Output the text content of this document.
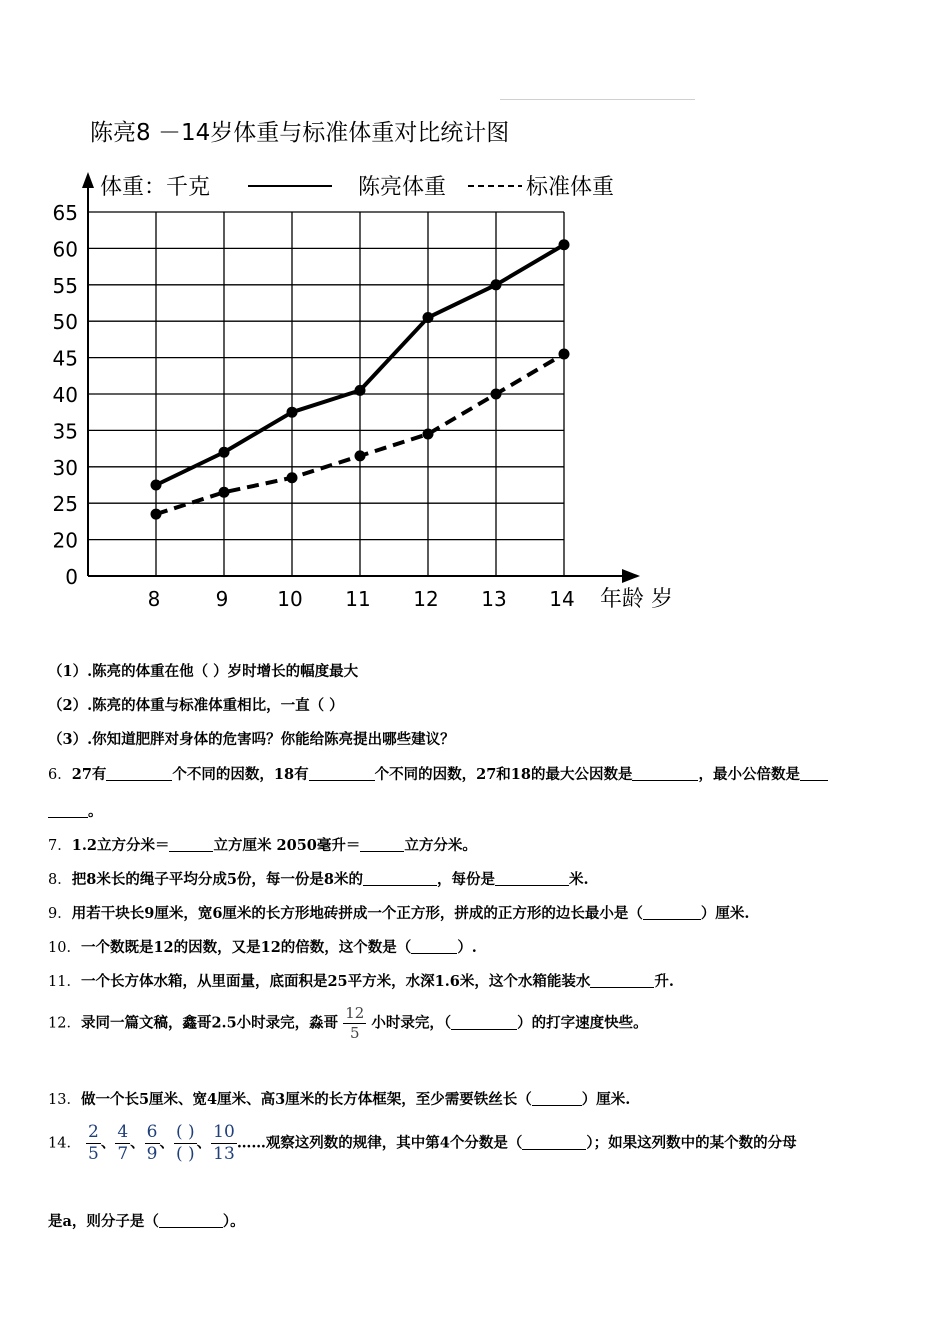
陈亮8 －14岁体重与标准体重对比统计图
0
20
25
30
35
40
45
50
55
60
65
8	9 10 11 12 13 14
体重：千克	陈亮体重	标准体重
年龄 岁
（1）.陈亮的体重在他（ ）岁时增长的幅度最大
（2）.陈亮的体重与标准体重相比，一直（ ）
（3）.你知道肥胖对身体的危害吗？你能给陈亮提出哪些建议？
6．27有	个不同的因数，18有	个不同的因数，27和18的最大公因数是	，最小公倍数是
。
7．1.2立方分米＝	立方厘米 2050毫升＝	立方分米。
8．把8米长的绳子平均分成5份，每一份是8米的	，每份是	米.
9．用若干块长9厘米，宽6厘米的长方形地砖拼成一个正方形，拼成的正方形的边长最小是（	）厘米.
10．一个数既是12的因数，又是12的倍数，这个数是（	）.
11．一个长方体水箱，从里面量，底面积是25平方米，水深1.6米，这个水箱能装水	升.
12．录同一篇文稿，鑫哥2.5小时录完，淼哥 $\frac{12}{5}$ 小时录完，（	）的打字速度快些。
13．做一个长5厘米、宽4厘米、高3厘米的长方体框架，至少需要铁丝长（	）厘米.
14． $\frac{2}{5}$ 、 $\frac{4}{7}$ 、 $\frac{6}{9}$ 、 $\frac{( )}{( )}$ 、 $\frac{10}{13}$ ……观察这列数的规律，其中第4个分数是（	）；如果这列数中的某个数的分母
是a，则分子是（	）。
